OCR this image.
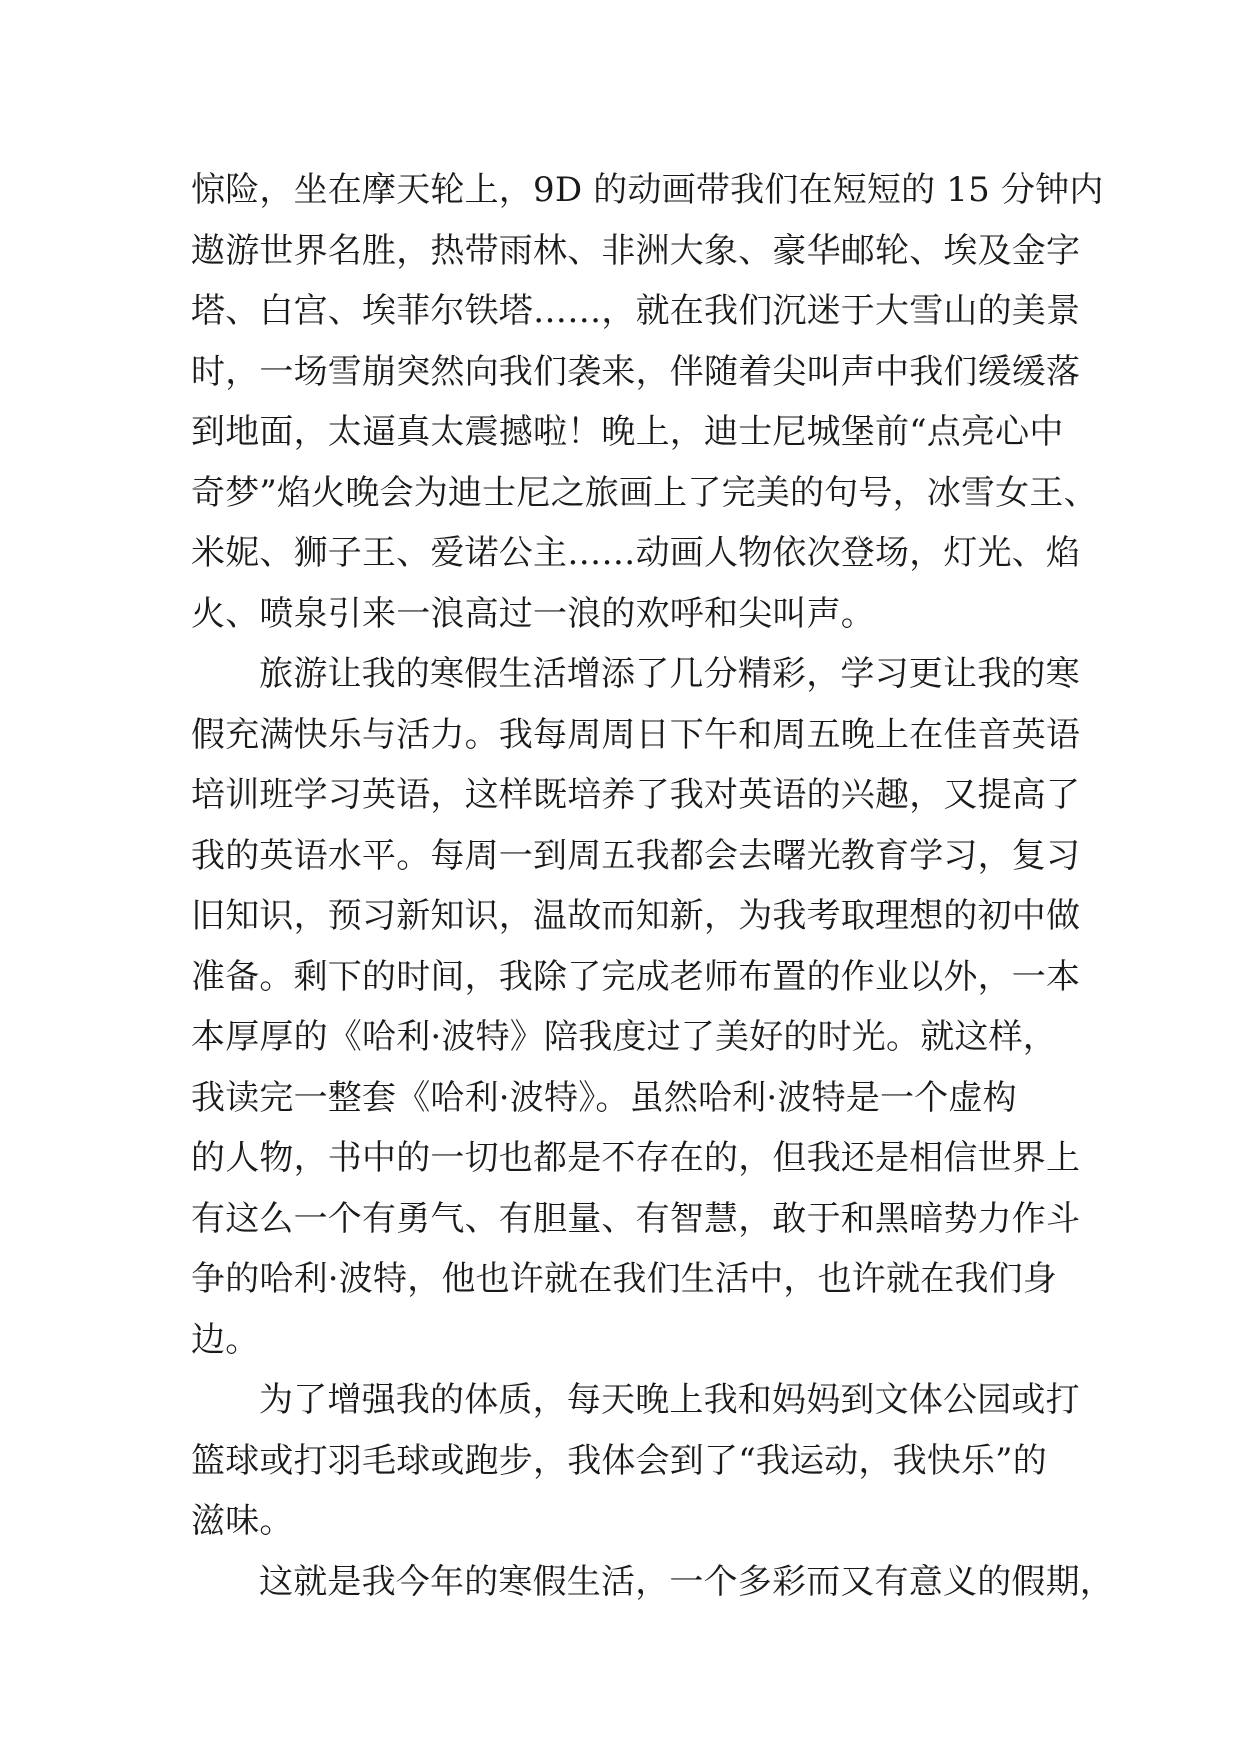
惊险，坐在摩天轮上，9D 的动画带我们在短短的 15 分钟内
遨游世界名胜，热带雨林、非洲大象、豪华邮轮、埃及金字
塔、白宫、埃菲尔铁塔……，就在我们沉迷于大雪山的美景
时，一场雪崩突然向我们袭来，伴随着尖叫声中我们缓缓落
到地面，太逼真太震撼啦！晚上，迪士尼城堡前“点亮心中
奇梦”焰火晚会为迪士尼之旅画上了完美的句号，冰雪女王、
米妮、狮子王、爱诺公主……动画人物依次登场，灯光、焰
火、喷泉引来一浪高过一浪的欢呼和尖叫声。
旅游让我的寒假生活增添了几分精彩，学习更让我的寒
假充满快乐与活力。我每周周日下午和周五晚上在佳音英语
培训班学习英语，这样既培养了我对英语的兴趣，又提高了
我的英语水平。每周一到周五我都会去曙光教育学习，复习
旧知识，预习新知识，温故而知新，为我考取理想的初中做
准备。剩下的时间，我除了完成老师布置的作业以外，一本
本厚厚的《哈利·波特》陪我度过了美好的时光。就这样，
我读完一整套《哈利·波特》。虽然哈利·波特是一个虚构
的人物，书中的一切也都是不存在的，但我还是相信世界上
有这么一个有勇气、有胆量、有智慧，敢于和黑暗势力作斗
争的哈利·波特，他也许就在我们生活中，也许就在我们身
边。
为了增强我的体质，每天晚上我和妈妈到文体公园或打
篮球或打羽毛球或跑步，我体会到了“我运动，我快乐”的
滋味。
这就是我今年的寒假生活，一个多彩而又有意义的假期，
